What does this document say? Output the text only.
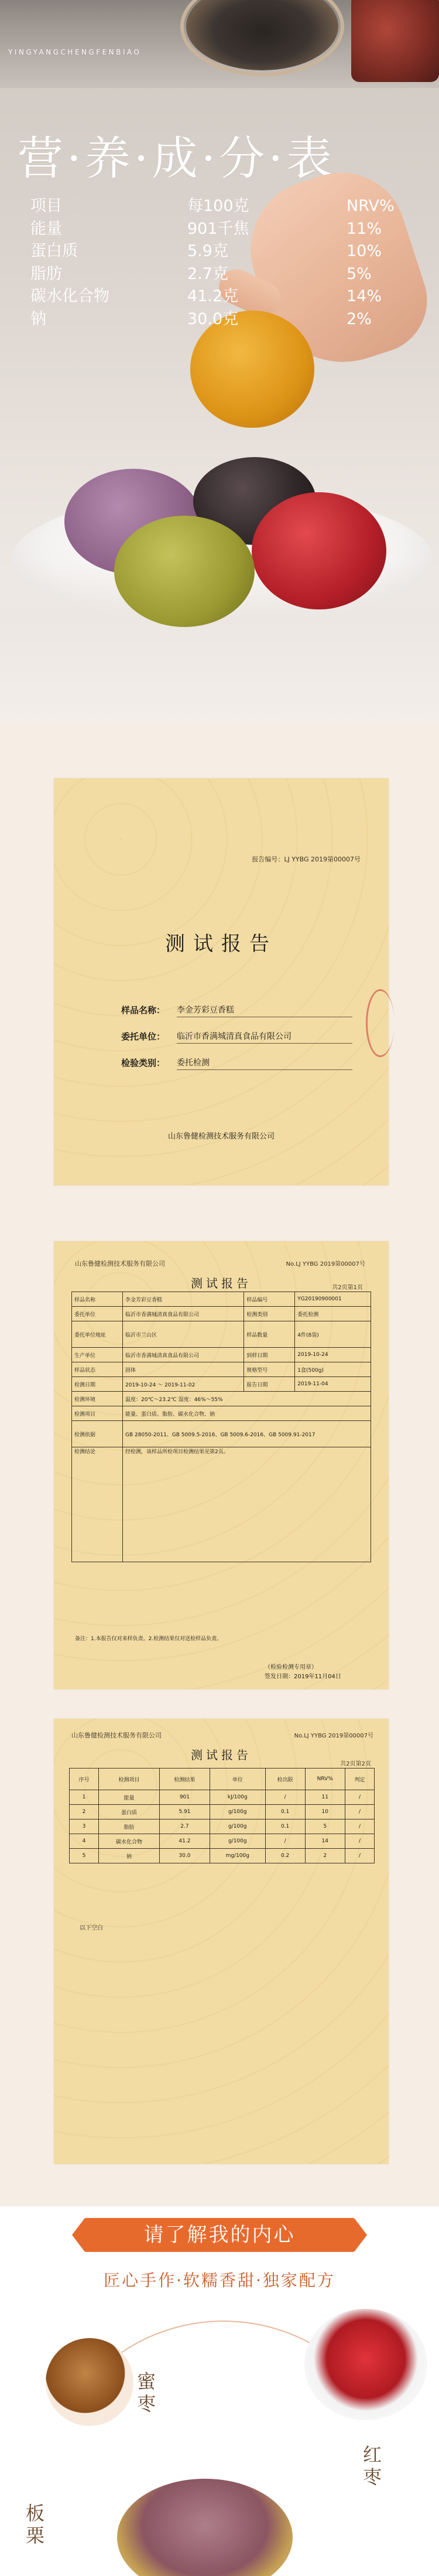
YINGYANGCHENGFENBIAO
营·养·成·分·表
项目	每100克	NRV%
能量	901千焦	11%
蛋白质	5.9克	10%
脂肪	2.7克	5%
碳水化合物	41.2克	14%
钠	30.0克	2%
报告编号：LJ YYBG 2019第00007号
测试报告
样品名称： 李金芳彩豆香糕
委托单位： 临沂市香满城清真食品有限公司
检验类别： 委托检测
山东鲁健检测技术服务有限公司
山东鲁健检测技术服务有限公司	No.LJ YYBG 2019第00007号
测试报告	共2页第1页
样品名称	李金芳彩豆香糕	样品编号	YG20190900001
委托单位	临沂市香满城清真食品有限公司	检测类别	委托检测
委托单位地址	临沂市兰山区	样品数量	4件(8袋)
生产单位	临沂市香满城清真食品有限公司	到样日期	2019-10-24
样品状态	固体	规格型号	1盒(500g)
检测日期	2019-10-24 ～ 2019-11-02	报告日期	2019-11-04
检测环境	温度：20℃～23.2℃ 湿度：46%～55%		
检测项目	能量、蛋白质、脂肪、碳水化合物、钠		
检测依据	GB 28050-2011、GB 5009.5-2016、GB 5009.6-2016、GB 5009.91-2017		
检测结论	经检测，该样品所检项目检测结果见第2页。		
备注：1.本报告仅对来样负责。2.检测结果仅对送检样品负责。
（检验检测专用章）
签发日期：2019年11月04日
山东鲁健检测技术服务有限公司	No.LJ YYBG 2019第00007号
测试报告
共2页第2页
序号	检测项目	检测结果	单位	检出限	NRV%	判定
1	能量	901	kJ/100g	/	11	/
2	蛋白质	5.91	g/100g	0.1	10	/
3	脂肪	2.7	g/100g	0.1	5	/
4	碳水化合物	41.2	g/100g	/	14	/
5	钠	30.0	mg/100g	0.2	2	/
以下空白
请了解我的内心
匠心手作·软糯香甜·独家配方
蜜枣
红枣
板栗
